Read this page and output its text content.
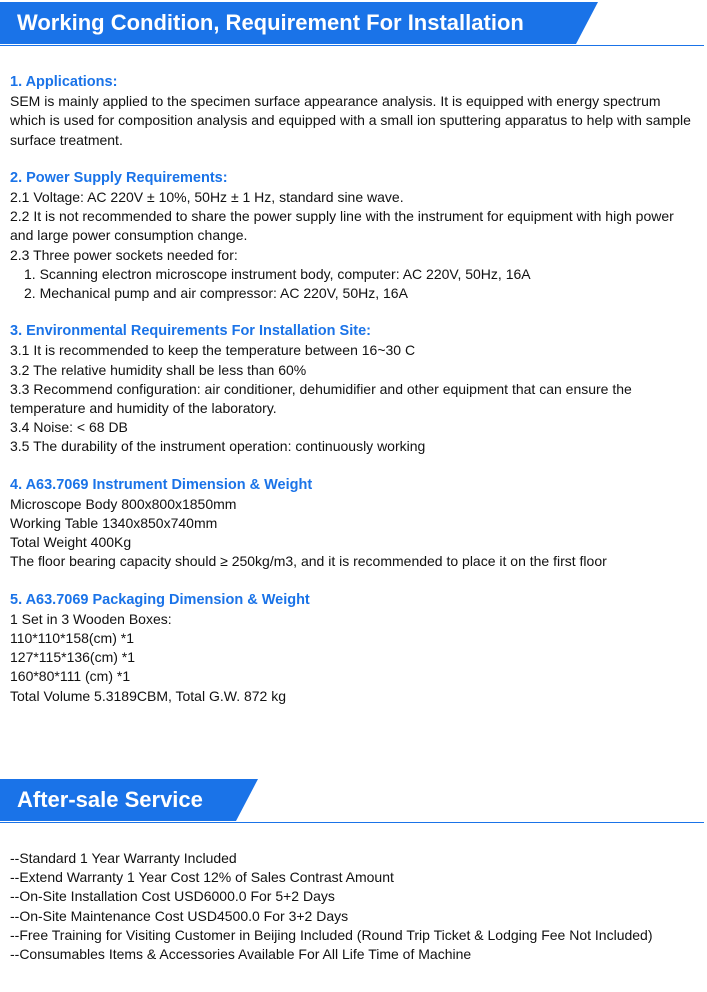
Working Condition, Requirement For Installation

1. Applications:

SEM is mainly applied to the specimen surface appearance analysis. It is equipped with energy spectrum which is used for composition analysis and equipped with a small ion sputtering apparatus to help with sample surface treatment.

2. Power Supply Requirements:

2.1 Voltage: AC 220V ± 10%, 50Hz ± 1 Hz, standard sine wave.

2.2 It is not recommended to share the power supply line with the instrument for equipment with high power and large power consumption change.

2.3 Three power sockets needed for:

1. Scanning electron microscope instrument body, computer: AC 220V, 50Hz, 16A

2. Mechanical pump and air compressor: AC 220V, 50Hz, 16A

3. Environmental Requirements For Installation Site:

3.1 It is recommended to keep the temperature between 16~30 C

3.2 The relative humidity shall be less than 60%

3.3 Recommend configuration: air conditioner, dehumidifier and other equipment that can ensure the temperature and humidity of the laboratory.

3.4 Noise: < 68 DB

3.5 The durability of the instrument operation: continuously working

4. A63.7069 Instrument Dimension & Weight

Microscope Body 800x800x1850mm

Working Table 1340x850x740mm

Total Weight 400Kg

The floor bearing capacity should ≥ 250kg/m3, and it is recommended to place it on the first floor

5. A63.7069 Packaging Dimension & Weight

1 Set in 3 Wooden Boxes:

110*110*158(cm) *1

127*115*136(cm) *1

160*80*111 (cm) *1

Total Volume 5.3189CBM, Total G.W. 872 kg

After-sale Service

--Standard 1 Year Warranty Included

--Extend Warranty 1 Year Cost 12% of Sales Contrast Amount

--On-Site Installation Cost USD6000.0 For 5+2 Days

--On-Site Maintenance Cost USD4500.0 For 3+2 Days

--Free Training for Visiting Customer in Beijing Included (Round Trip Ticket & Lodging Fee Not Included)

--Consumables Items & Accessories Available For All Life Time of Machine
